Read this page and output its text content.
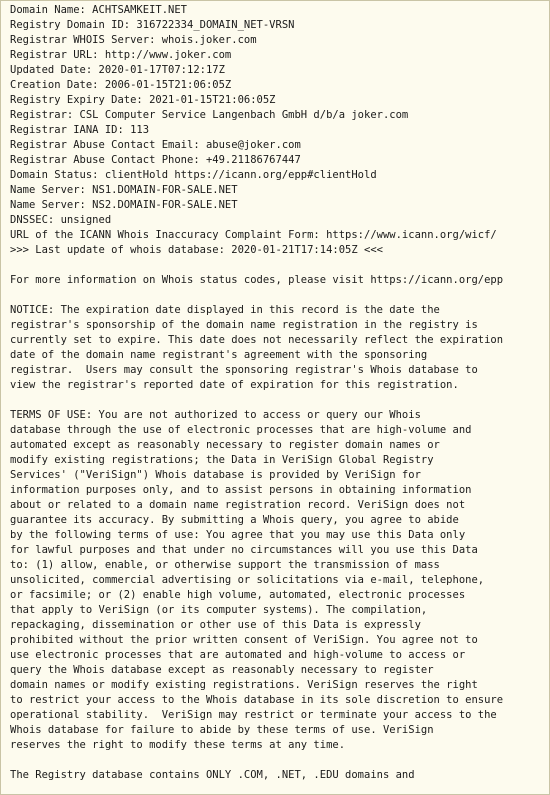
Domain Name: ACHTSAMKEIT.NET
Registry Domain ID: 316722334_DOMAIN_NET-VRSN
Registrar WHOIS Server: whois.joker.com
Registrar URL: http://www.joker.com
Updated Date: 2020-01-17T07:12:17Z
Creation Date: 2006-01-15T21:06:05Z
Registry Expiry Date: 2021-01-15T21:06:05Z
Registrar: CSL Computer Service Langenbach GmbH d/b/a joker.com
Registrar IANA ID: 113
Registrar Abuse Contact Email: abuse@joker.com
Registrar Abuse Contact Phone: +49.21186767447
Domain Status: clientHold https://icann.org/epp#clientHold
Name Server: NS1.DOMAIN-FOR-SALE.NET
Name Server: NS2.DOMAIN-FOR-SALE.NET
DNSSEC: unsigned
URL of the ICANN Whois Inaccuracy Complaint Form: https://www.icann.org/wicf/
>>> Last update of whois database: 2020-01-21T17:14:05Z <<<
For more information on Whois status codes, please visit https://icann.org/epp
NOTICE: The expiration date displayed in this record is the date the
registrar's sponsorship of the domain name registration in the registry is
currently set to expire. This date does not necessarily reflect the expiration
date of the domain name registrant's agreement with the sponsoring
registrar.  Users may consult the sponsoring registrar's Whois database to
view the registrar's reported date of expiration for this registration.
TERMS OF USE: You are not authorized to access or query our Whois
database through the use of electronic processes that are high-volume and
automated except as reasonably necessary to register domain names or
modify existing registrations; the Data in VeriSign Global Registry
Services' ("VeriSign") Whois database is provided by VeriSign for
information purposes only, and to assist persons in obtaining information
about or related to a domain name registration record. VeriSign does not
guarantee its accuracy. By submitting a Whois query, you agree to abide
by the following terms of use: You agree that you may use this Data only
for lawful purposes and that under no circumstances will you use this Data
to: (1) allow, enable, or otherwise support the transmission of mass
unsolicited, commercial advertising or solicitations via e-mail, telephone,
or facsimile; or (2) enable high volume, automated, electronic processes
that apply to VeriSign (or its computer systems). The compilation,
repackaging, dissemination or other use of this Data is expressly
prohibited without the prior written consent of VeriSign. You agree not to
use electronic processes that are automated and high-volume to access or
query the Whois database except as reasonably necessary to register
domain names or modify existing registrations. VeriSign reserves the right
to restrict your access to the Whois database in its sole discretion to ensure
operational stability.  VeriSign may restrict or terminate your access to the
Whois database for failure to abide by these terms of use. VeriSign
reserves the right to modify these terms at any time.
The Registry database contains ONLY .COM, .NET, .EDU domains and
